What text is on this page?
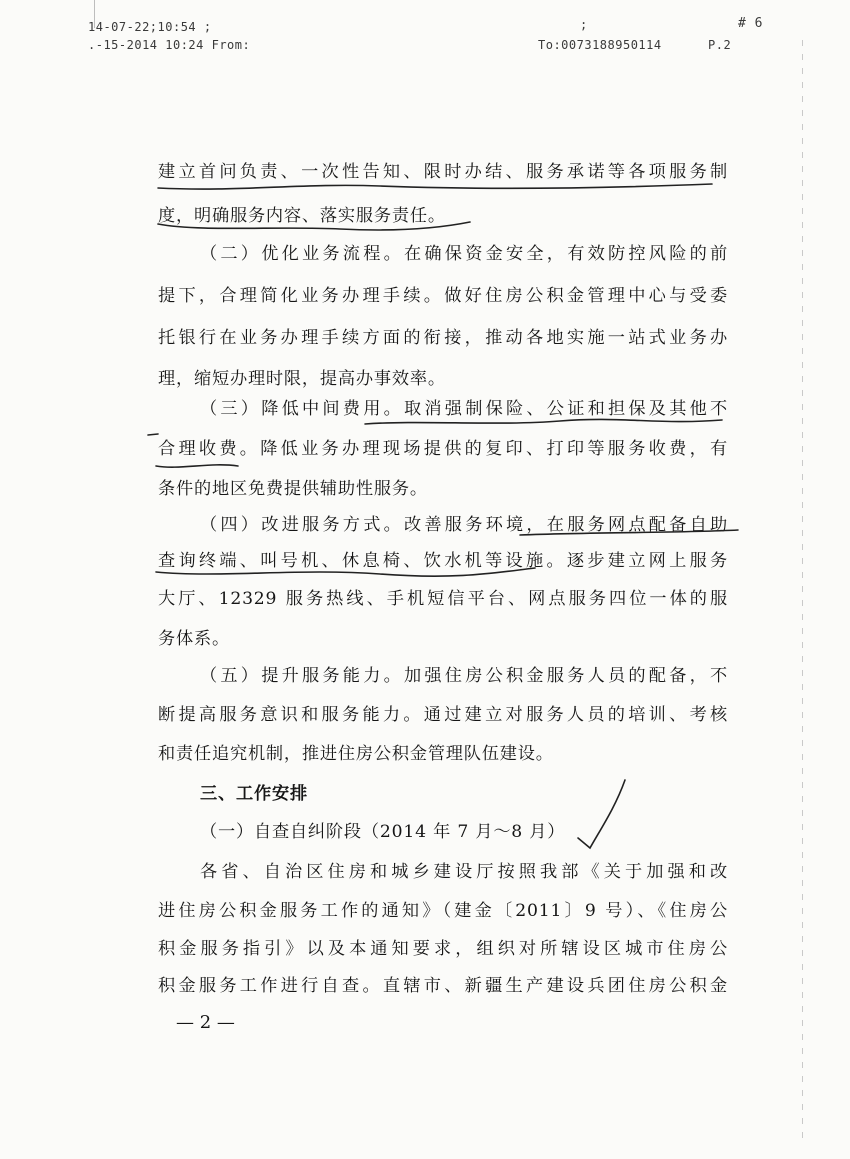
14-07-22;10:54 ;	;	# 6
.-15-2014 10:24 From:	To:0073188950114	P.2

建立首问负责、一次性告知、限时办结、服务承诺等各项服务制

度，明确服务内容、落实服务责任。

（二）优化业务流程。在确保资金安全，有效防控风险的前

提下，合理简化业务办理手续。做好住房公积金管理中心与受委

托银行在业务办理手续方面的衔接，推动各地实施一站式业务办

理，缩短办理时限，提高办事效率。

（三）降低中间费用。取消强制保险、公证和担保及其他不

合理收费。降低业务办理现场提供的复印、打印等服务收费，有

条件的地区免费提供辅助性服务。

（四）改进服务方式。改善服务环境，在服务网点配备自助

查询终端、叫号机、休息椅、饮水机等设施。逐步建立网上服务

大厅、12329 服务热线、手机短信平台、网点服务四位一体的服

务体系。

（五）提升服务能力。加强住房公积金服务人员的配备，不

断提高服务意识和服务能力。通过建立对服务人员的培训、考核

和责任追究机制，推进住房公积金管理队伍建设。

三、工作安排

（一）自查自纠阶段（2014 年 7 月～8 月）

各省、自治区住房和城乡建设厅按照我部《关于加强和改

进住房公积金服务工作的通知》（建金〔2011〕9 号）、《住房公

积金服务指引》以及本通知要求，组织对所辖设区城市住房公

积金服务工作进行自查。直辖市、新疆生产建设兵团住房公积金

— 2 —
